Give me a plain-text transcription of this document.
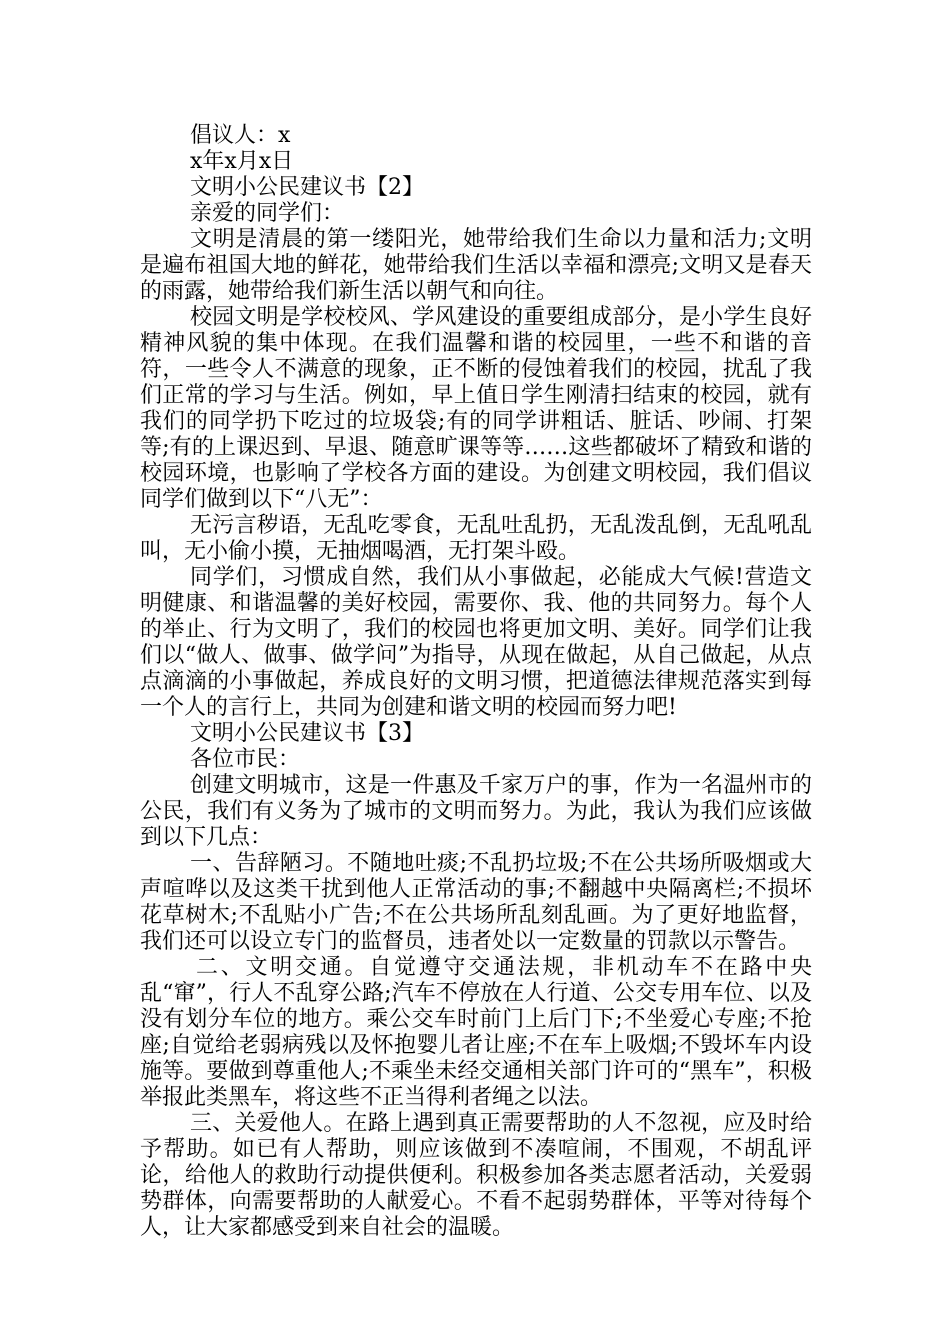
倡议人：x

x年x月x日

文明小公民建议书【2】

亲爱的同学们：

文明是清晨的第一缕阳光，她带给我们生命以力量和活力;文明是遍布祖国大地的鲜花，她带给我们生活以幸福和漂亮;文明又是春天的雨露，她带给我们新生活以朝气和向往。

校园文明是学校校风、学风建设的重要组成部分，是小学生良好精神风貌的集中体现。在我们温馨和谐的校园里，一些不和谐的音符，一些令人不满意的现象，正不断的侵蚀着我们的校园，扰乱了我们正常的学习与生活。例如，早上值日学生刚清扫结束的校园，就有我们的同学扔下吃过的垃圾袋;有的同学讲粗话、脏话、吵闹、打架等;有的上课迟到、早退、随意旷课等等……这些都破坏了精致和谐的校园环境，也影响了学校各方面的建设。为创建文明校园，我们倡议同学们做到以下“八无”：

无污言秽语，无乱吃零食，无乱吐乱扔，无乱泼乱倒，无乱吼乱叫，无小偷小摸，无抽烟喝酒，无打架斗殴。

同学们，习惯成自然，我们从小事做起，必能成大气候!营造文明健康、和谐温馨的美好校园，需要你、我、他的共同努力。每个人的举止、行为文明了，我们的校园也将更加文明、美好。同学们让我们以“做人、做事、做学问”为指导，从现在做起，从自己做起，从点点滴滴的小事做起，养成良好的文明习惯，把道德法律规范落实到每一个人的言行上，共同为创建和谐文明的校园而努力吧!

文明小公民建议书【3】

各位市民：

创建文明城市，这是一件惠及千家万户的事，作为一名温州市的公民，我们有义务为了城市的文明而努力。为此，我认为我们应该做到以下几点：

一、告辞陋习。不随地吐痰;不乱扔垃圾;不在公共场所吸烟或大声喧哗以及这类干扰到他人正常活动的事;不翻越中央隔离栏;不损坏花草树木;不乱贴小广告;不在公共场所乱刻乱画。为了更好地监督，我们还可以设立专门的监督员，违者处以一定数量的罚款以示警告。

二、文明交通。自觉遵守交通法规，非机动车不在路中央乱“窜”，行人不乱穿公路;汽车不停放在人行道、公交专用车位、以及没有划分车位的地方。乘公交车时前门上后门下;不坐爱心专座;不抢座;自觉给老弱病残以及怀抱婴儿者让座;不在车上吸烟;不毁坏车内设施等。要做到尊重他人;不乘坐未经交通相关部门许可的“黑车”，积极举报此类黑车，将这些不正当得利者绳之以法。

三、关爱他人。在路上遇到真正需要帮助的人不忽视，应及时给予帮助。如已有人帮助，则应该做到不凑喧闹，不围观，不胡乱评论，给他人的救助行动提供便利。积极参加各类志愿者活动，关爱弱势群体，向需要帮助的人献爱心。不看不起弱势群体，平等对待每个人，让大家都感受到来自社会的温暖。
